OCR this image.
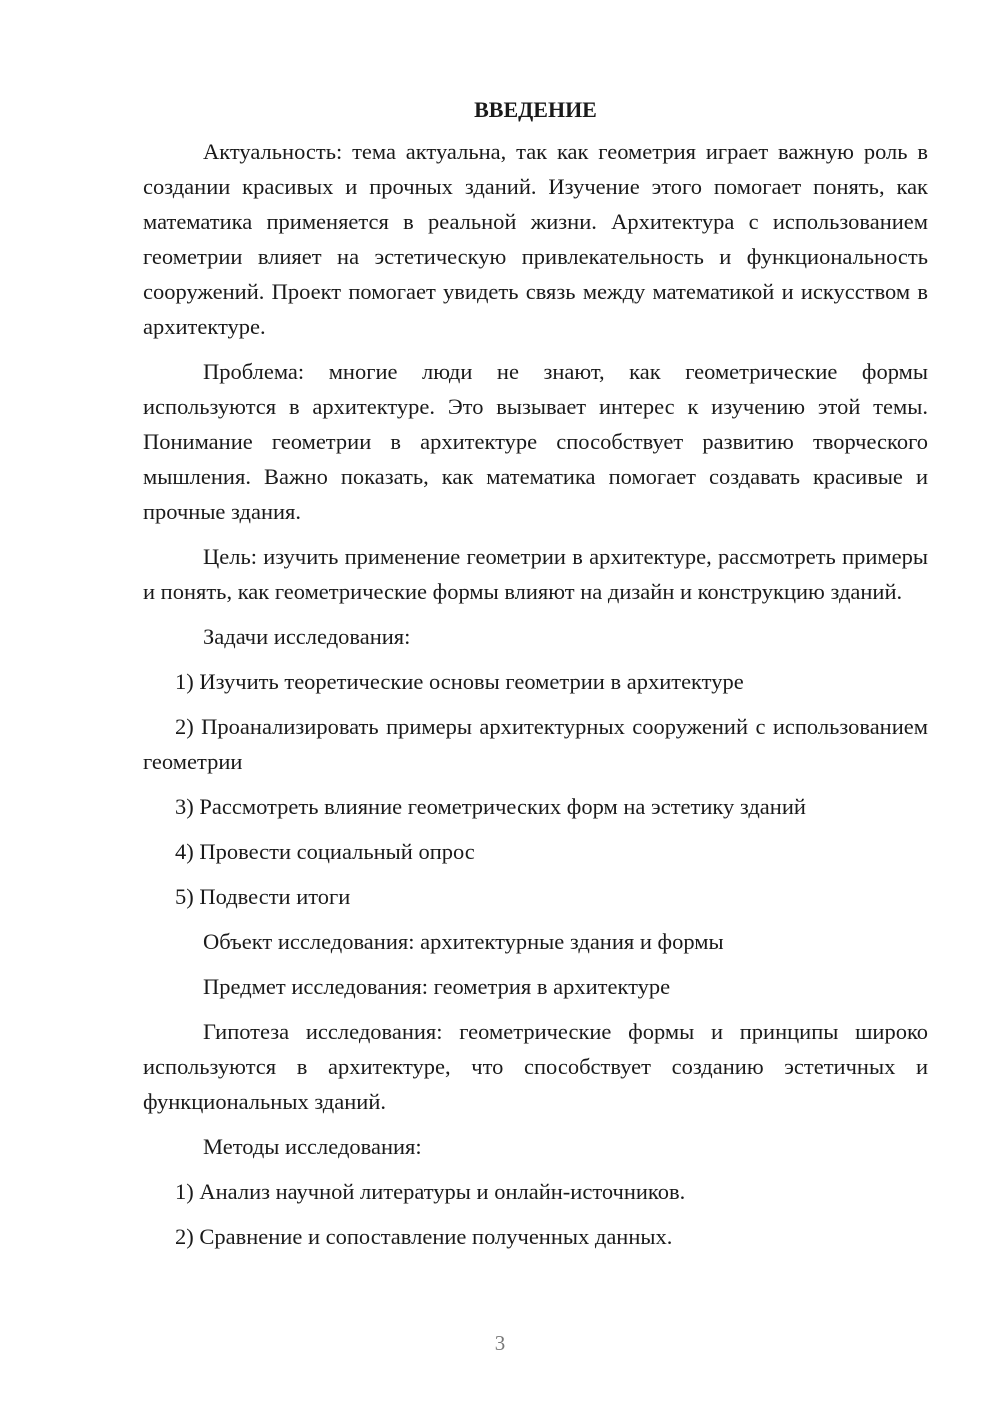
ВВЕДЕНИЕ

Актуальность: тема актуальна, так как геометрия играет важную роль в создании красивых и прочных зданий. Изучение этого помогает понять, как математика применяется в реальной жизни. Архитектура с использованием геометрии влияет на эстетическую привлекательность и функциональность сооружений. Проект помогает увидеть связь между математикой и искусством в архитектуре.

Проблема: многие люди не знают, как геометрические формы используются в архитектуре. Это вызывает интерес к изучению этой темы. Понимание геометрии в архитектуре способствует развитию творческого мышления. Важно показать, как математика помогает создавать красивые и прочные здания.

Цель: изучить применение геометрии в архитектуре, рассмотреть примеры и понять, как геометрические формы влияют на дизайн и конструкцию зданий.

Задачи исследования:

1) Изучить теоретические основы геометрии в архитектуре

2) Проанализировать примеры архитектурных сооружений с использованием геометрии

3) Рассмотреть влияние геометрических форм на эстетику зданий

4) Провести социальный опрос

5) Подвести итоги

Объект исследования: архитектурные здания и формы

Предмет исследования: геометрия в архитектуре

Гипотеза исследования: геометрические формы и принципы широко используются в архитектуре, что способствует созданию эстетичных и функциональных зданий.

Методы исследования:

1) Анализ научной литературы и онлайн-источников.

2) Сравнение и сопоставление полученных данных.

3
